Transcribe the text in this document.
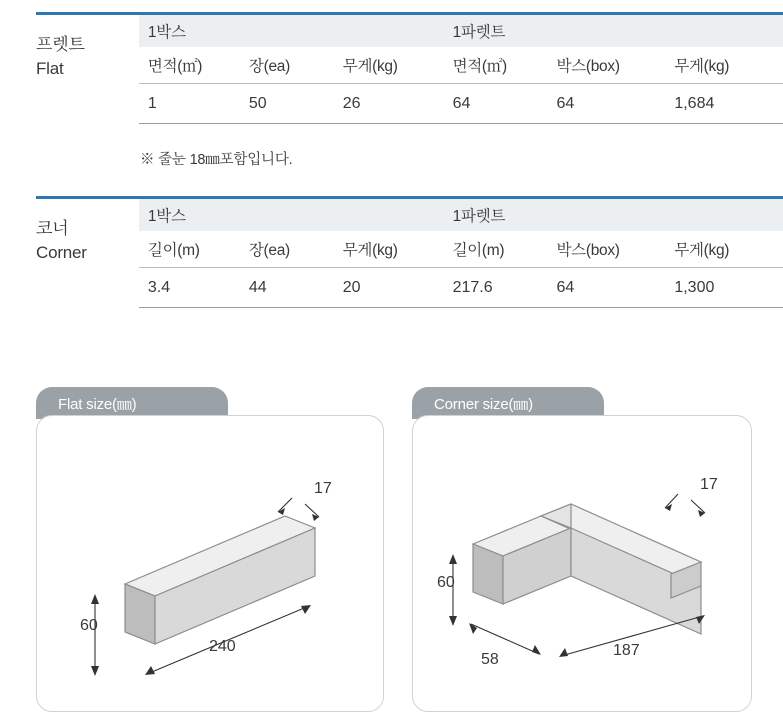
프렛트
Flat
1박스			1파렛트		
면적(㎡)	장(ea)	무게(kg)	면적(㎡)	박스(box)	무게(kg)
1	50	26	64	64	1,684
※ 줄눈 18㎜포함입니다.
코너
Corner
1박스			1파렛트		
길이(m)	장(ea)	무게(kg)	길이(m)	박스(box)	무게(kg)
3.4	44	20	217.6	64	1,300
Flat size(㎜)
17
60
240
Corner size(㎜)
17
60
58
187
